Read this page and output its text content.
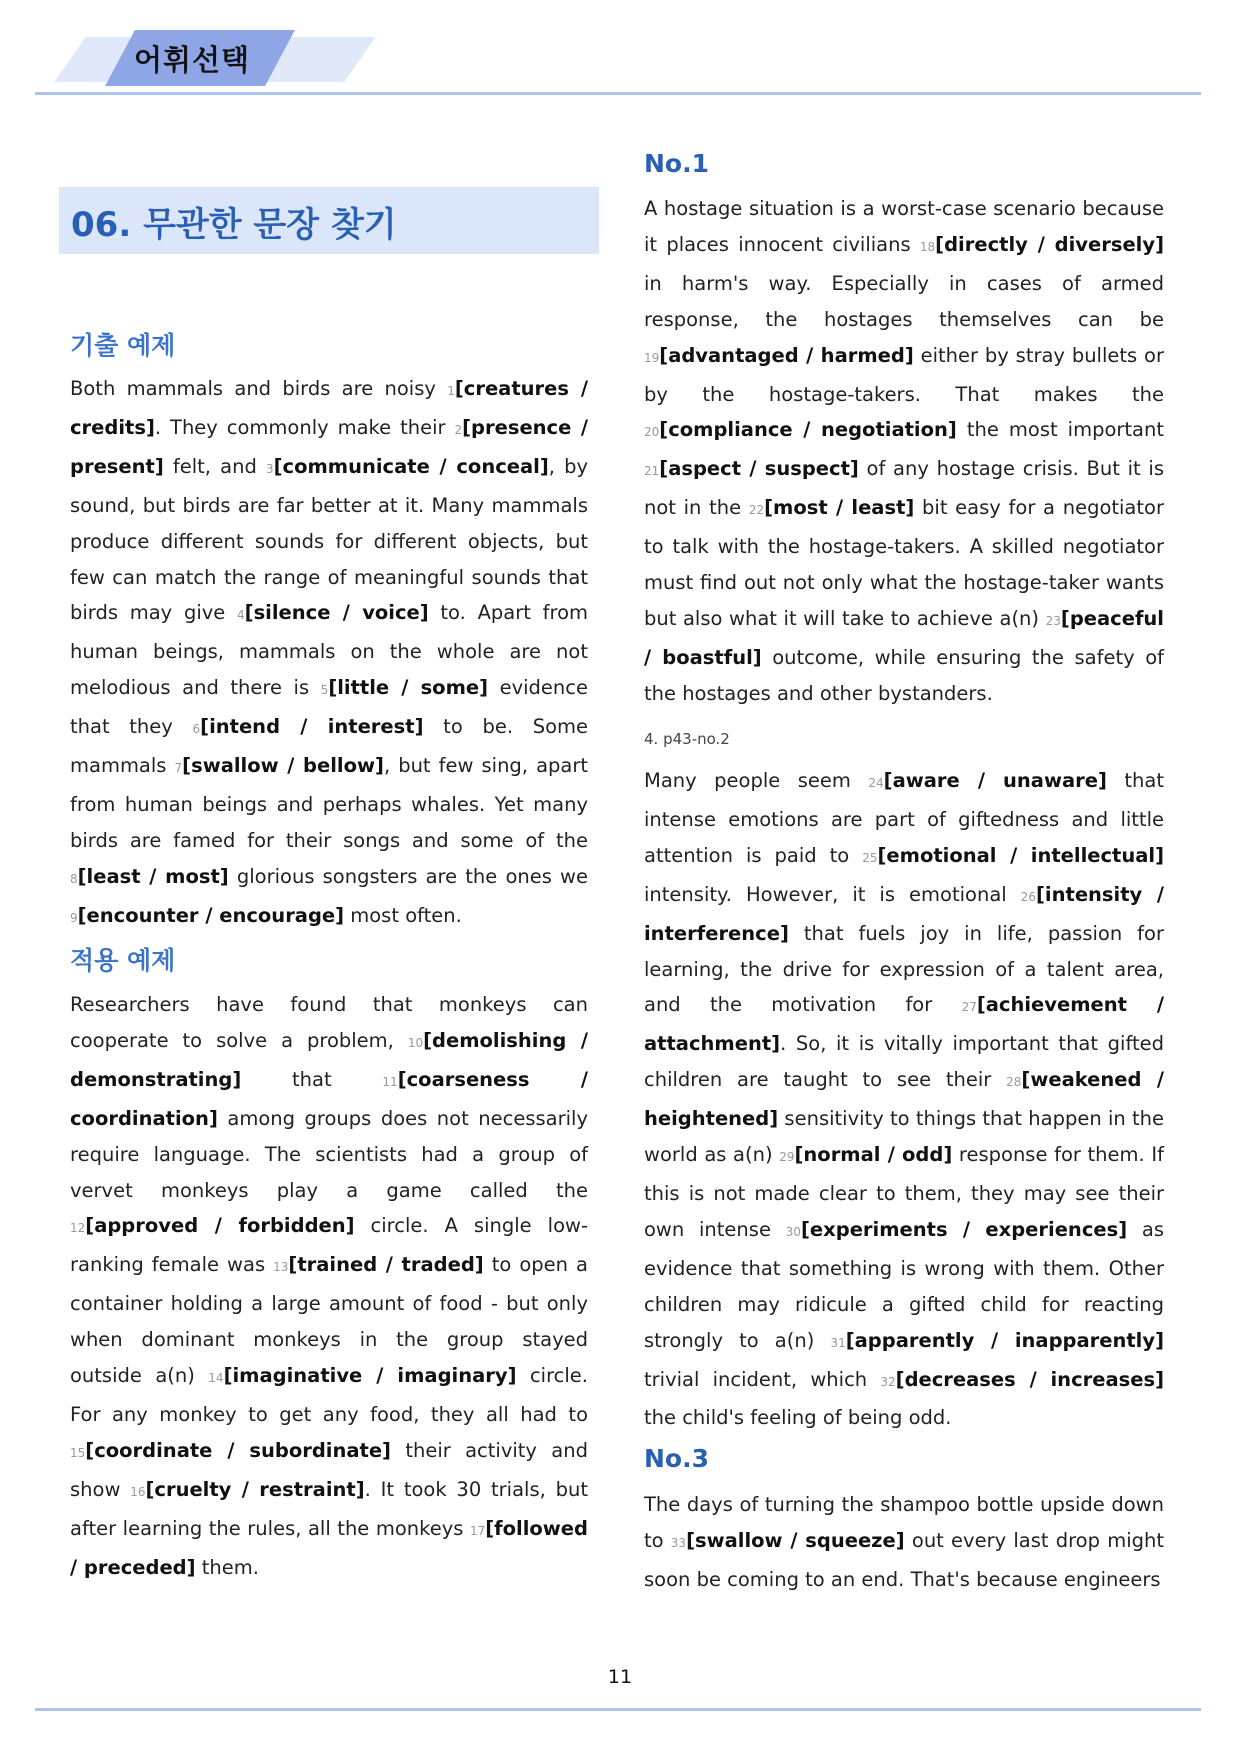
어휘선택
06. 무관한 문장 찾기
기출 예제

Both mammals and birds are noisy 1[creatures / credits]. They commonly make their 2[presence / present] felt, and 3[communicate / conceal], by sound, but birds are far better at it. Many mammals produce different sounds for different objects, but few can match the range of meaningful sounds that birds may give 4[silence / voice] to. Apart from human beings, mammals on the whole are not melodious and there is 5[little / some] evidence that they 6[intend / interest] to be. Some mammals 7[swallow / bellow], but few sing, apart from human beings and perhaps whales. Yet many birds are famed for their songs and some of the 8[least / most] glorious songsters are the ones we 9[encounter / encourage] most often.

적용 예제

Researchers have found that monkeys can cooperate to solve a problem, 10[demolishing / demonstrating] that 11[coarseness / coordination] among groups does not necessarily require language. The scientists had a group of vervet monkeys play a game called the 12[approved / forbidden] circle. A single low-ranking female was 13[trained / traded] to open a container holding a large amount of food - but only when dominant monkeys in the group stayed outside a(n) 14[imaginative / imaginary] circle. For any monkey to get any food, they all had to 15[coordinate / subordinate] their activity and show 16[cruelty / restraint]. It took 30 trials, but after learning the rules, all the monkeys 17[followed / preceded] them.

No.1

A hostage situation is a worst-case scenario because it places innocent civilians 18[directly / diversely] in harm's way. Especially in cases of armed response, the hostages themselves can be 19[advantaged / harmed] either by stray bullets or by the hostage-takers. That makes the 20[compliance / negotiation] the most important 21[aspect / suspect] of any hostage crisis. But it is not in the 22[most / least] bit easy for a negotiator to talk with the hostage-takers. A skilled negotiator must find out not only what the hostage-taker wants but also what it will take to achieve a(n) 23[peaceful / boastful] outcome, while ensuring the safety of the hostages and other bystanders.

4. p43-no.2

Many people seem 24[aware / unaware] that intense emotions are part of giftedness and little attention is paid to 25[emotional / intellectual] intensity. However, it is emotional 26[intensity / interference] that fuels joy in life, passion for learning, the drive for expression of a talent area, and the motivation for 27[achievement / attachment]. So, it is vitally important that gifted children are taught to see their 28[weakened / heightened] sensitivity to things that happen in the world as a(n) 29[normal / odd] response for them. If this is not made clear to them, they may see their own intense 30[experiments / experiences] as evidence that something is wrong with them. Other children may ridicule a gifted child for reacting strongly to a(n) 31[apparently / inapparently] trivial incident, which 32[decreases / increases] the child's feeling of being odd.

No.3

The days of turning the shampoo bottle upside down to 33[swallow / squeeze] out every last drop might soon be coming to an end. That's because engineers

11
